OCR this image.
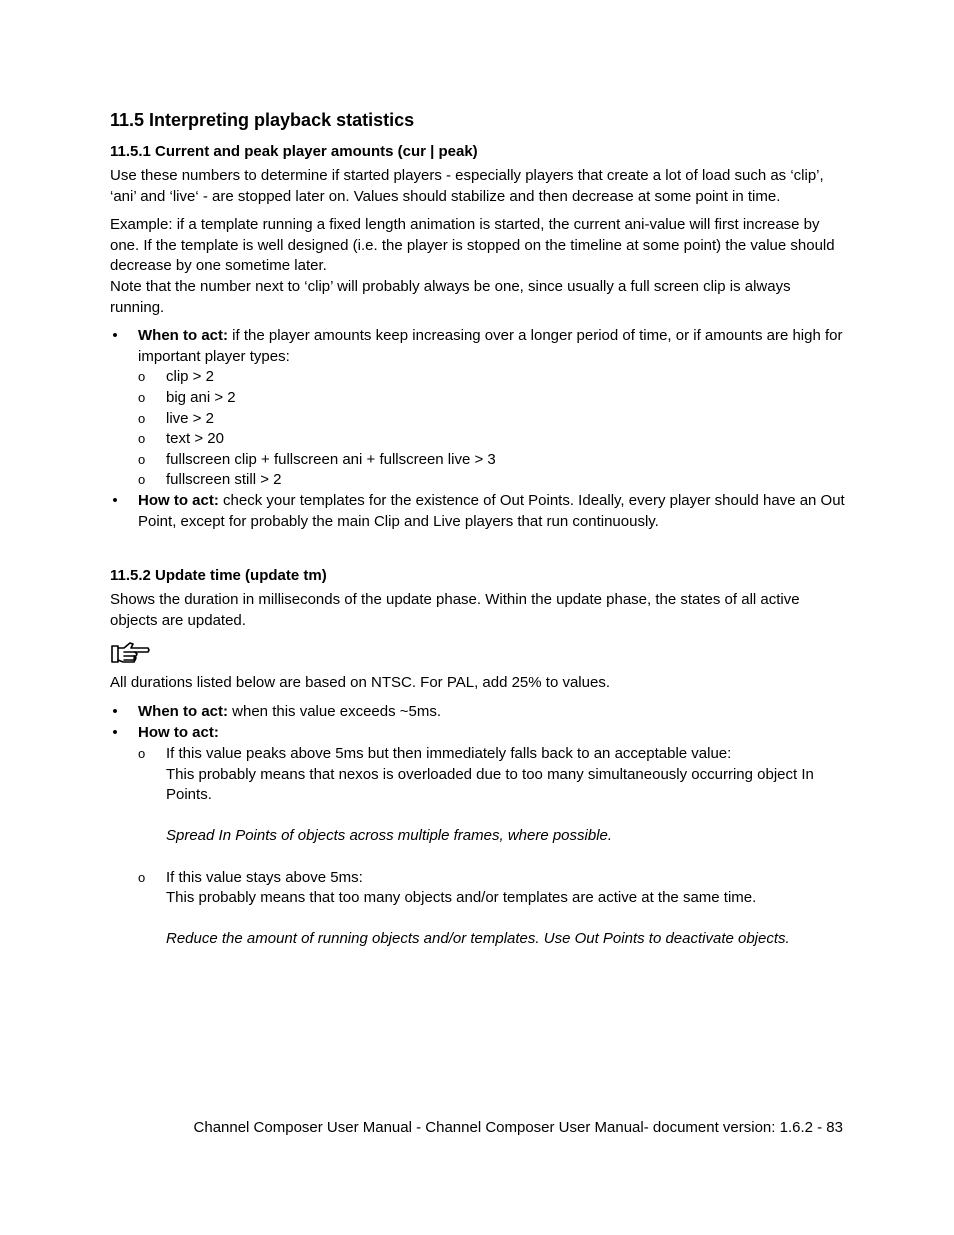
11.5 Interpreting playback statistics
11.5.1 Current and peak player amounts (cur | peak)

Use these numbers to determine if started players - especially players that create a lot of load such as ‘clip’, ‘ani’ and ‘live‘ - are stopped later on. Values should stabilize and then decrease at some point in time.

Example: if a template running a fixed length animation is started, the current ani-value will first increase by one. If the template is well designed (i.e. the player is stopped on the timeline at some point) the value should decrease by one sometime later.

Note that the number next to ‘clip’ will probably always be one, since usually a full screen clip is always running.

• When to act: if the player amounts keep increasing over a longer period of time, or if amounts are high for important player types:
o clip > 2
o big ani > 2
o live > 2
o text > 20
o fullscreen clip + fullscreen ani + fullscreen live > 3
o fullscreen still > 2
• How to act: check your templates for the existence of Out Points. Ideally, every player should have an Out Point, except for probably the main Clip and Live players that run continuously.
11.5.2 Update time (update tm)

Shows the duration in milliseconds of the update phase. Within the update phase, the states of all active objects are updated.

All durations listed below are based on NTSC. For PAL, add 25% to values.

• When to act: when this value exceeds ~5ms.
• How to act:
o If this value peaks above 5ms but then immediately falls back to an acceptable value:
This probably means that nexos is overloaded due to too many simultaneously occurring object In Points.
Spread In Points of objects across multiple frames, where possible.
o If this value stays above 5ms:
This probably means that too many objects and/or templates are active at the same time.
Reduce the amount of running objects and/or templates. Use Out Points to deactivate objects.
Channel Composer User Manual - Channel Composer User Manual- document version: 1.6.2 - 83
